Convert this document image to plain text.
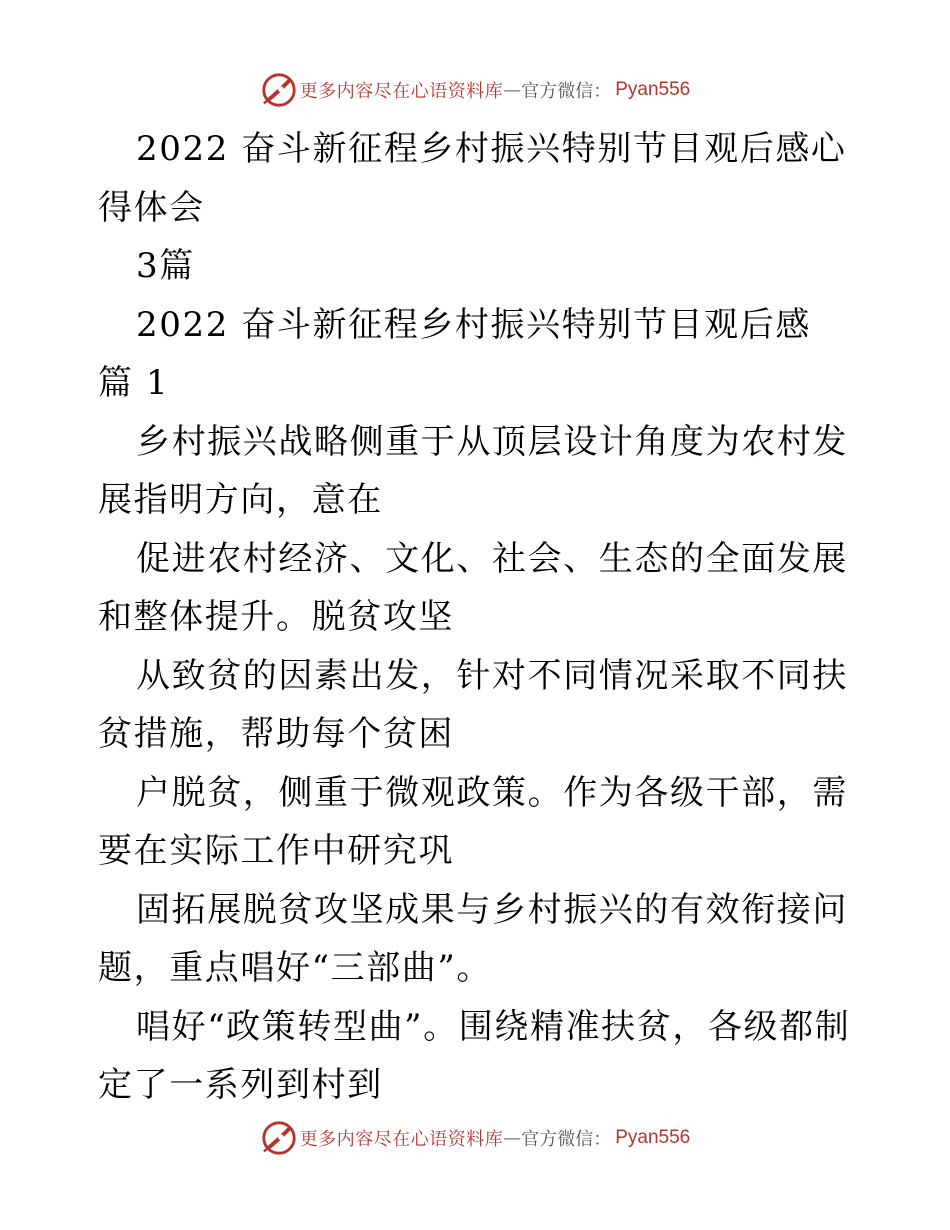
更多内容尽在心语资料库 — 官方微信： Pyan556

2022 奋斗新征程乡村振兴特别节目观后感心得体会

3篇

2022 奋斗新征程乡村振兴特别节目观后感 篇 1

乡村振兴战略侧重于从顶层设计角度为农村发展指明方向，意在

促进农村经济、文化、社会、生态的全面发展和整体提升。脱贫攻坚

从致贫的因素出发，针对不同情况采取不同扶贫措施，帮助每个贫困

户脱贫，侧重于微观政策。作为各级干部，需要在实际工作中研究巩

固拓展脱贫攻坚成果与乡村振兴的有效衔接问题，重点唱好“三部曲”。

唱好“政策转型曲”。围绕精准扶贫，各级都制定了一系列到村到

更多内容尽在心语资料库 — 官方微信： Pyan556
